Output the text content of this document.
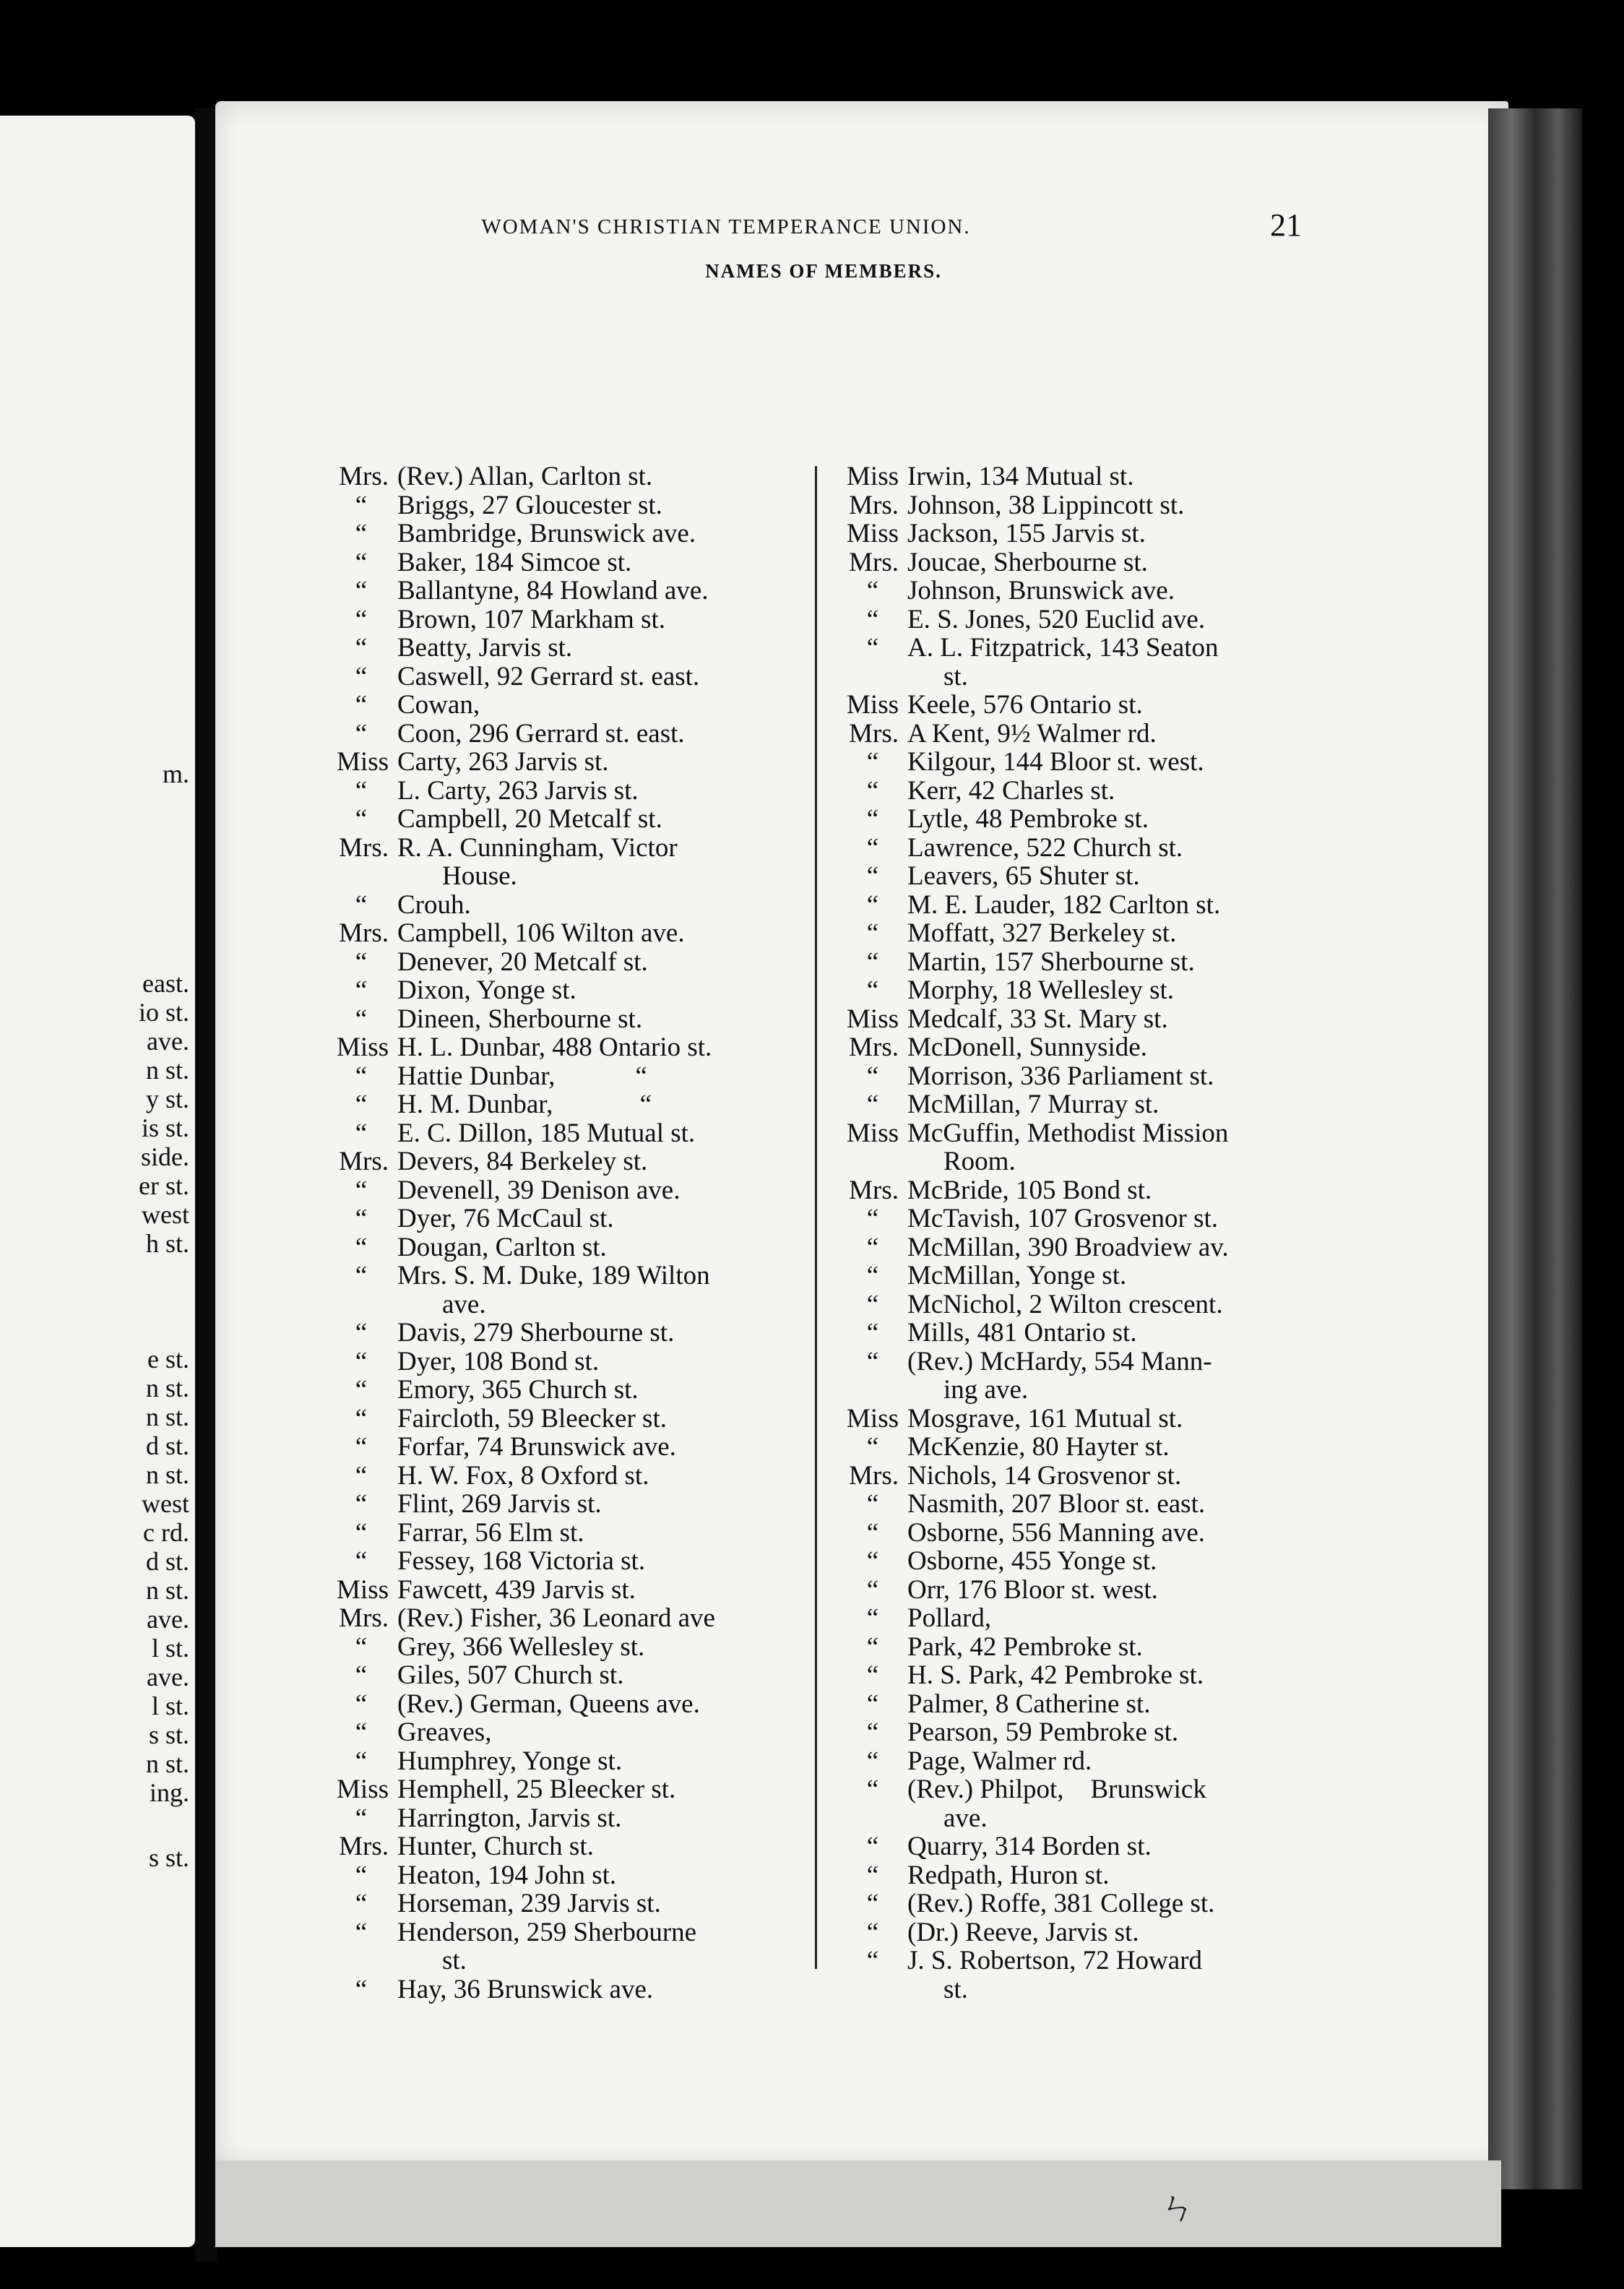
m.
east.
io st.
ave.
n st.
y st.
is st.
side.
er st.
west
h st.
e st.
n st.
n st.
d st.
n st.
west
c rd.
d st.
n st.
ave.
l st.
ave.
l st.
s st.
n st.
ing.
s st.
WOMAN'S CHRISTIAN TEMPERANCE UNION.	21
NAMES OF MEMBERS.
Mrs. (Rev.) Allan, Carlton st.
“ Briggs, 27 Gloucester st.
“ Bambridge, Brunswick ave.
“ Baker, 184 Simcoe st.
“ Ballantyne, 84 Howland ave.
“ Brown, 107 Markham st.
“ Beatty, Jarvis st.
“ Caswell, 92 Gerrard st. east.
“ Cowan,
“ Coon, 296 Gerrard st. east.
Miss Carty, 263 Jarvis st.
“ L. Carty, 263 Jarvis st.
“ Campbell, 20 Metcalf st.
Mrs. R. A. Cunningham, Victor
House.
“ Crouh.
Mrs. Campbell, 106 Wilton ave.
“ Denever, 20 Metcalf st.
“ Dixon, Yonge st.
“ Dineen, Sherbourne st.
Miss H. L. Dunbar, 488 Ontario st.
“ Hattie Dunbar,            “
“ H. M. Dunbar,             “
“ E. C. Dillon, 185 Mutual st.
Mrs. Devers, 84 Berkeley st.
“ Devenell, 39 Denison ave.
“ Dyer, 76 McCaul st.
“ Dougan, Carlton st.
“ Mrs. S. M. Duke, 189 Wilton
ave.
“ Davis, 279 Sherbourne st.
“ Dyer, 108 Bond st.
“ Emory, 365 Church st.
“ Faircloth, 59 Bleecker st.
“ Forfar, 74 Brunswick ave.
“ H. W. Fox, 8 Oxford st.
“ Flint, 269 Jarvis st.
“ Farrar, 56 Elm st.
“ Fessey, 168 Victoria st.
Miss Fawcett, 439 Jarvis st.
Mrs. (Rev.) Fisher, 36 Leonard ave
“ Grey, 366 Wellesley st.
“ Giles, 507 Church st.
“ (Rev.) German, Queens ave.
“ Greaves,
“ Humphrey, Yonge st.
Miss Hemphell, 25 Bleecker st.
“ Harrington, Jarvis st.
Mrs. Hunter, Church st.
“ Heaton, 194 John st.
“ Horseman, 239 Jarvis st.
“ Henderson, 259 Sherbourne
st.
“ Hay, 36 Brunswick ave.
Miss Irwin, 134 Mutual st.
Mrs. Johnson, 38 Lippincott st.
Miss Jackson, 155 Jarvis st.
Mrs. Joucae, Sherbourne st.
“ Johnson, Brunswick ave.
“ E. S. Jones, 520 Euclid ave.
“ A. L. Fitzpatrick, 143 Seaton
st.
Miss Keele, 576 Ontario st.
Mrs. A Kent, 9½ Walmer rd.
“ Kilgour, 144 Bloor st. west.
“ Kerr, 42 Charles st.
“ Lytle, 48 Pembroke st.
“ Lawrence, 522 Church st.
“ Leavers, 65 Shuter st.
“ M. E. Lauder, 182 Carlton st.
“ Moffatt, 327 Berkeley st.
“ Martin, 157 Sherbourne st.
“ Morphy, 18 Wellesley st.
Miss Medcalf, 33 St. Mary st.
Mrs. McDonell, Sunnyside.
“ Morrison, 336 Parliament st.
“ McMillan, 7 Murray st.
Miss McGuffin, Methodist Mission
Room.
Mrs. McBride, 105 Bond st.
“ McTavish, 107 Grosvenor st.
“ McMillan, 390 Broadview av.
“ McMillan, Yonge st.
“ McNichol, 2 Wilton crescent.
“ Mills, 481 Ontario st.
“ (Rev.) McHardy, 554 Mann-
ing ave.
Miss Mosgrave, 161 Mutual st.
“ McKenzie, 80 Hayter st.
Mrs. Nichols, 14 Grosvenor st.
“ Nasmith, 207 Bloor st. east.
“ Osborne, 556 Manning ave.
“ Osborne, 455 Yonge st.
“ Orr, 176 Bloor st. west.
“ Pollard,
“ Park, 42 Pembroke st.
“ H. S. Park, 42 Pembroke st.
“ Palmer, 8 Catherine st.
“ Pearson, 59 Pembroke st.
“ Page, Walmer rd.
“ (Rev.) Philpot,    Brunswick
ave.
“ Quarry, 314 Borden st.
“ Redpath, Huron st.
“ (Rev.) Roffe, 381 College st.
“ (Dr.) Reeve, Jarvis st.
“ J. S. Robertson, 72 Howard
st.
ㄣ
